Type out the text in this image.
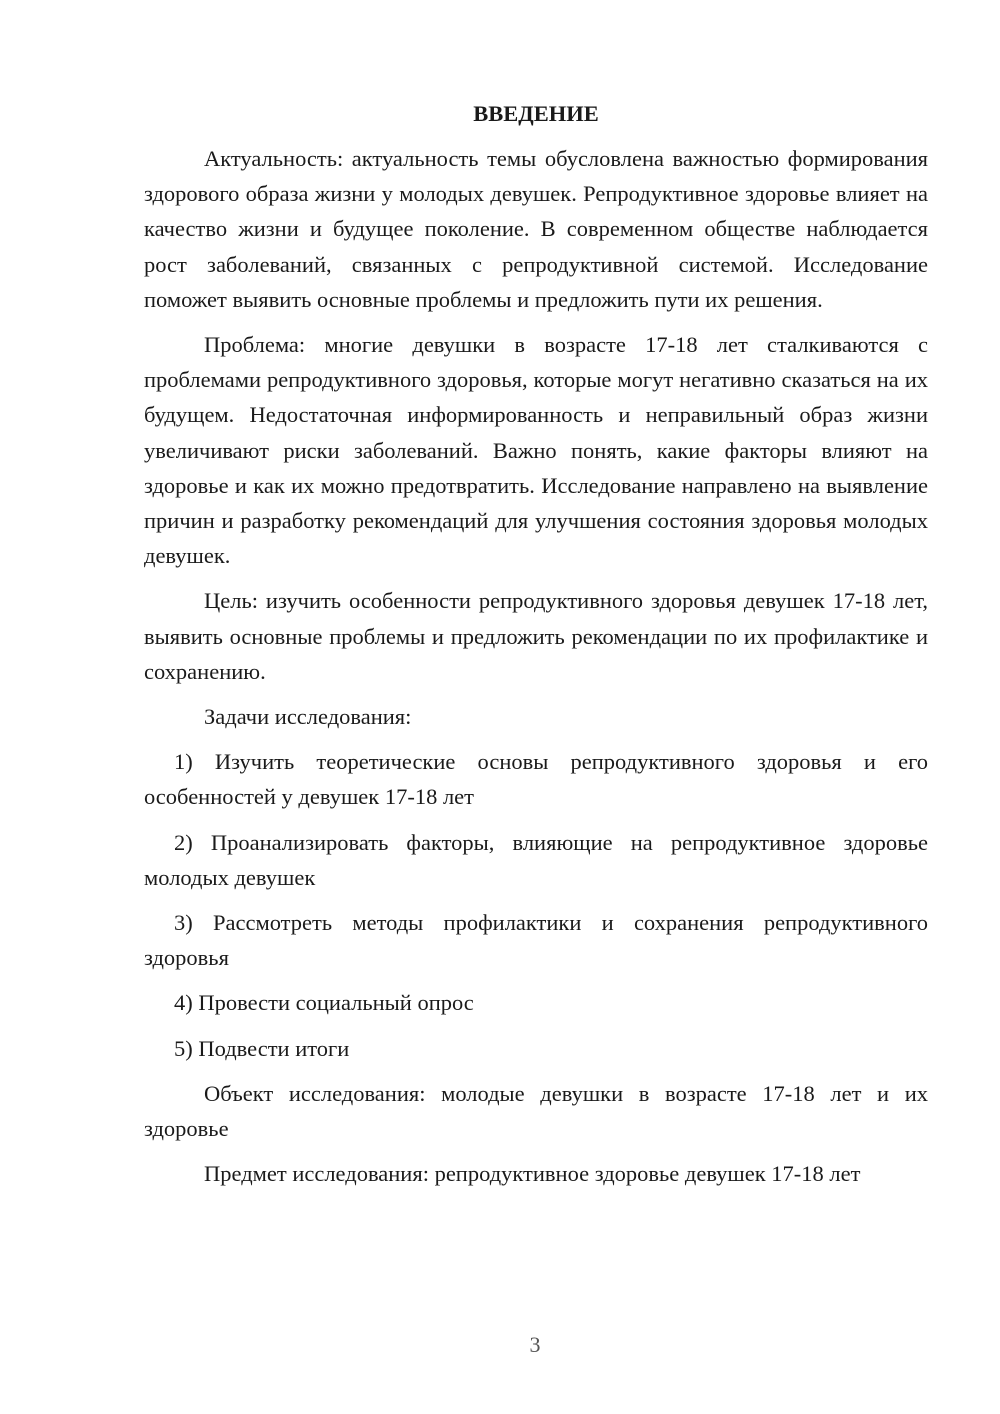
ВВЕДЕНИЕ

Актуальность: актуальность темы обусловлена важностью формирования здорового образа жизни у молодых девушек. Репродуктивное здоровье влияет на качество жизни и будущее поколение. В современном обществе наблюдается рост заболеваний, связанных с репродуктивной системой. Исследование поможет выявить основные проблемы и предложить пути их решения.

Проблема: многие девушки в возрасте 17-18 лет сталкиваются с проблемами репродуктивного здоровья, которые могут негативно сказаться на их будущем. Недостаточная информированность и неправильный образ жизни увеличивают риски заболеваний. Важно понять, какие факторы влияют на здоровье и как их можно предотвратить. Исследование направлено на выявление причин и разработку рекомендаций для улучшения состояния здоровья молодых девушек.

Цель: изучить особенности репродуктивного здоровья девушек 17-18 лет, выявить основные проблемы и предложить рекомендации по их профилактике и сохранению.

Задачи исследования:

1) Изучить теоретические основы репродуктивного здоровья и его особенностей у девушек 17-18 лет

2) Проанализировать факторы, влияющие на репродуктивное здоровье молодых девушек

3) Рассмотреть методы профилактики и сохранения репродуктивного здоровья

4) Провести социальный опрос

5) Подвести итоги

Объект исследования: молодые девушки в возрасте 17-18 лет и их здоровье

Предмет исследования: репродуктивное здоровье девушек 17-18 лет

3
